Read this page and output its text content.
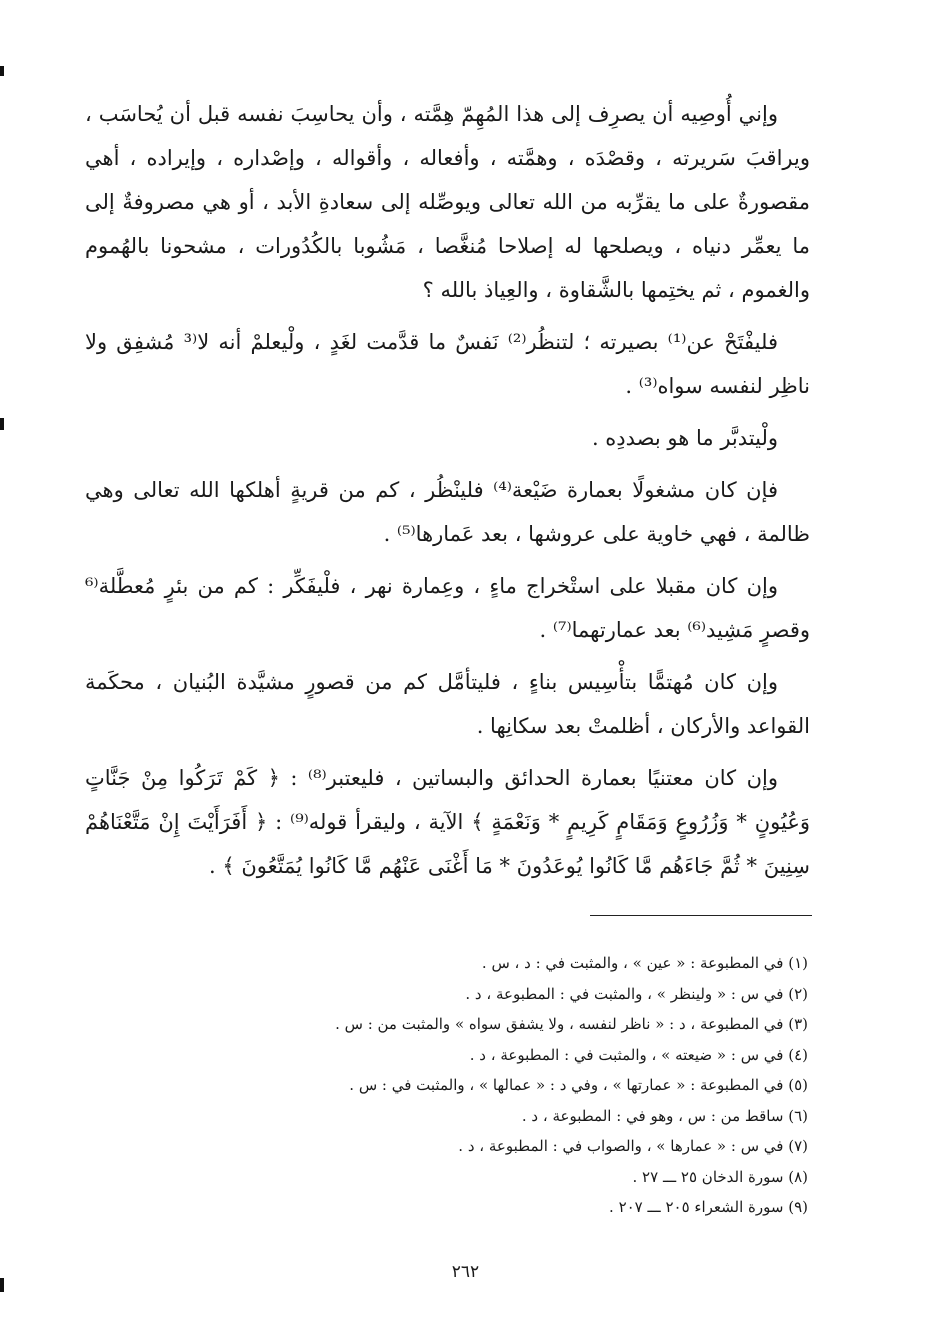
وإني أُوصِيه أن يصرِف إلى هذا المُهِمّ هِمَّته ، وأن يحاسِبَ نفسه قبل أن يُحاسَب ، ويراقبَ سَريرته ، وقصْدَه ، وهمَّته ، وأفعاله ، وأقواله ، وإصْداره ، وإيراده ، أهي مقصورةٌ على ما يقرِّبه من الله تعالى ويوصِّله إلى سعادةِ الأبد ، أو هي مصروفةٌ إلى ما يعمِّر دنياه ، ويصلحها له إصلاحا مُنغَّصا ، مَشُوبا بالكُدُورات ، مشحونا بالهُموم والغموم ، ثم يختِمها بالشَّقاوة ، والعِياذ بالله ؟

فليفْتَحْ عن⁽¹⁾ بصيرته ؛ لتنظُر⁽²⁾ نَفسٌ ما قدَّمت لغَدٍ ، ولْيعلمْ أنه لا⁽³ مُشفِق ولا ناظِر لنفسه سواه⁽³⁾ .

ولْيتدبَّر ما هو بصددِه .

فإن كان مشغولًا بعمارة ضَيْعة⁽⁴⁾ فلينْظُر ، كم من قريةٍ أهلكها الله تعالى وهي ظالمة ، فهي خاوية على عروشها ، بعد عَمارها⁽⁵⁾ .

وإن كان مقبلا على استْخراج ماءٍ ، وعِمارة نهر ، فلْيفَكِّر : كم من بئرٍ مُعطَّلة⁽⁶ وقصرٍ مَشِيد⁽⁶⁾ بعد عمارتهما⁽⁷⁾ .

وإن كان مُهتمًّا بتأْسِيس بناءٍ ، فليتأمَّل كم من قصورٍ مشيَّدة البُنيان ، محكَمة القواعد والأركان ، أظلمتْ بعد سكانِها .

وإن كان معتنيًا بعمارة الحدائق والبساتين ، فليعتبر⁽⁸⁾ : ﴿ كَمْ تَرَكُوا مِنْ جَنَّاتٍ وَعُيُونٍ * وَزُرُوعٍ وَمَقَامٍ كَرِيمٍ * وَنَعْمَةٍ ﴾ الآية ، وليقرأ قوله⁽⁹⁾ : ﴿ أَفَرَأَيْتَ إِنْ مَتَّعْنَاهُمْ سِنِينَ * ثُمَّ جَاءَهُم مَّا كَانُوا يُوعَدُونَ * مَا أَغْنَى عَنْهُم مَّا كَانُوا يُمَتَّعُونَ ﴾ .

(١) في المطبوعة : « عين » ، والمثبت في : د ، س .
(٢) في س : « ولينظر » ، والمثبت في : المطبوعة ، د .
(٣) في المطبوعة ، د : « ناظر لنفسه ، ولا يشفق سواه » والمثبت من : س .
(٤) في س : « ضيعته » ، والمثبت في : المطبوعة ، د .
(٥) في المطبوعة : « عمارتها » ، وفي د : « عمالها » ، والمثبت في : س .
(٦) ساقط من : س ، وهو في : المطبوعة ، د .
(٧) في س : « عمارها » ، والصواب في : المطبوعة ، د .
(٨) سورة الدخان ٢٥ ـــ ٢٧ .
(٩) سورة الشعراء ٢٠٥ ـــ ٢٠٧ .
٢٦٢
